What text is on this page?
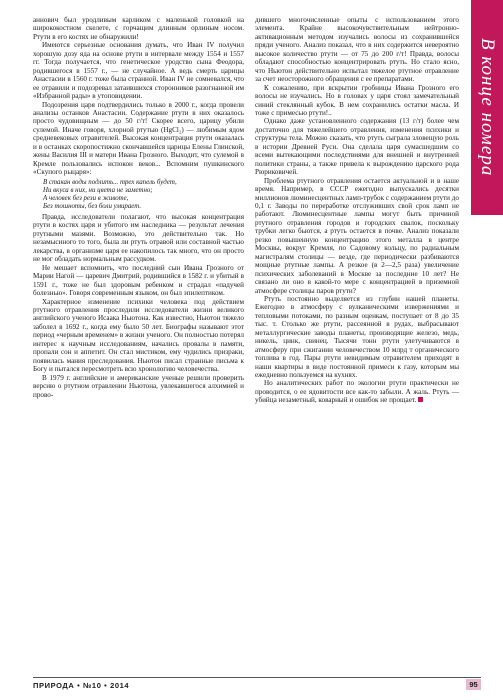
аннович был уродливым карликом с маленькой головкой на ширококостном скелете, с горчащим длинным орлиным носом. Ртути в его костях не обнаружили!

Имеются серьезные основания думать, что Иван IV получил хорошую дозу яда на основе ртути в интервале между 1554 и 1557 гг. Тогда получается, что генетическое уродство сына Феодора, родившегося в 1557 г., — не случайное. А ведь смерть царицы Анастасии в 1560 г. тоже была странной. Иван IV не сомневался, что ее отравили и подозревал затаившихся сторонников разогнанной им «Избранной рады» в утоповидении.

Подозрения царя подтвердились только в 2000 г., когда провели анализы останков Анастасии. Содержание ртути в них оказалось просто чудовищным — до 50 г/т! Скорее всего, царицу убили сулемой. Иначе говоря, хлорной ртутью (HgCl₂) — любимым ядом средневековых отравителей. Высокая концентрация ртути оказалась и в останках скоропостижно скончавшейся царицы Елены Глинской, жены Василия III и матери Ивана Грозного. Выходит, что сулемой в Кремле пользовались испокон веков... Вспомним пушкинского «Скупого рыцаря»:

В стакан воды подлить... трех капель будет,
Ни вкуса в них, ни цвета не заметно;
А человек без рези в животе,
Без тошноты, без боли умирает.

Правда, исследователи полагают, что высокая концентрация ртути в костях царя и убитого им наследника — результат лечения ртутными мазями. Возможно, это действительно так. Но незамысиного то того, была ли ртуть отравой или составной частью лекарства, в организме царя ее накопилось так много, что он просто не мог обладать нормальным рассудком.

Не мешает вспомнить, что последний сын Ивана Грозного от Марии Нагой — царевич Дмитрий, родившийся в 1582 г. и убитый в 1591 г., тоже не был здоровым ребенком и страдал «падучей болезнью». Говоря современным языком, он был эпилептиком.

Характерное изменение психики человека под действием ртутного отравления проследили исследователи жизни великого английского ученого Исаака Ньютона. Как известно, Ньютон тяжело заболел в 1692 г., когда ему было 50 лет. Биографы называют этот период «черным временем» в жизни ученого. Он полностью потерял интерес к научным исследованиям, начались провалы в памяти, пропали сон и аппетит. Он стал мистиком, ему чудились призраки, появилась мания преследования. Ньютон писал странные письма к Богу и пытался пересмотреть всю хронологию человечества.

В 1979 г. английские и американские ученые решили проверить версию о ртутном отравлении Ньютона, увлекавшегося алхимией и прово-

дившего многочисленные опыты с использованием этого элемента. Крайне высокочувствительным нейтронно-активационным методом изучались волосы из сохранившейся пряди ученого. Анализ показал, что в них содержится невероятно высокое количество ртути — от 75 до 200 г/т! Правда, волосы обладают способностью концентрировать ртуть. Но стало ясно, что Ньютон действительно испытал тяжелое ртутное отравление за счет неосторожного обращения с ее препаратами.

К сожалению, при вскрытии гробницы Ивана Грозного его волосы не изучались. Но в головах у царя стоял замечательный синий стеклянный кубок. В нем сохранились остатки масла. И тоже с примесью ртути!..

Однако даже установленного содержания (13 г/т) более чем достаточно для тяжелейшего отравления, изменения психики и структуры тела. Можно сказать, что ртуть сыграла зловещую роль в истории Древней Руси. Она сделала царя сумасшедшим со всеми вытекающими последствиями для внешней и внутренней политики страны, а также привела к вырождению царского рода Рюриковичей.

Проблема ртутного отравления остается актуальной и в наше время. Например, в СССР ежегодно выпускались десятки миллионов люминесцентных ламп-трубок с содержанием ртути до 0,1 г. Заводы по переработке отслуживших свой срок ламп не работают. Люминесцентные лампы могут быть причиной ртутного отравления городов и городских свалок, поскольку трубки легко бьются, а ртуть остается в почве. Анализ показали резко повышенную концентрацию этого металла в центре Москвы, вокруг Кремля, по Садовому кольцу, по радиальным магистралям столицы — везде, где периодически разбиваются мощные ртутные лампы. А резкое (в 2—2,5 раза) увеличение психических заболеваний в Москве за последние 10 лет? Не связано ли оно в какой-то мере с концентрацией в приземной атмосфере столицы паров ртути?

Ртуть постоянно выделяется из глубин нашей планеты. Ежегодно в атмосферу с вулканическими извержениями и тепловыми потоками, по разным оценкам, поступает от 8 до 35 тыс. т. Столько же ртути, рассеянной в рудах, выбрасывают металлургические заводы планеты, производящие железо, медь, никель, цинк, свинец. Тысячи тонн ртути улетучиваются в атмосферу при сжигании человечеством 10 млрд т органического топлива в год. Пары ртути невидимым отравителем приходят в наши квартиры в виде постоянной примеси к газу, которым мы ежедневно пользуемся на кухнях.

Но аналитических работ по экологии ртути практически не проводится, о ее ядовитости все как-то забыли. А жаль. Ртуть — убийца незаметный, коварный и ошибок не прощает.

В конце номера
ПРИРОДА • №10 • 2014	95
